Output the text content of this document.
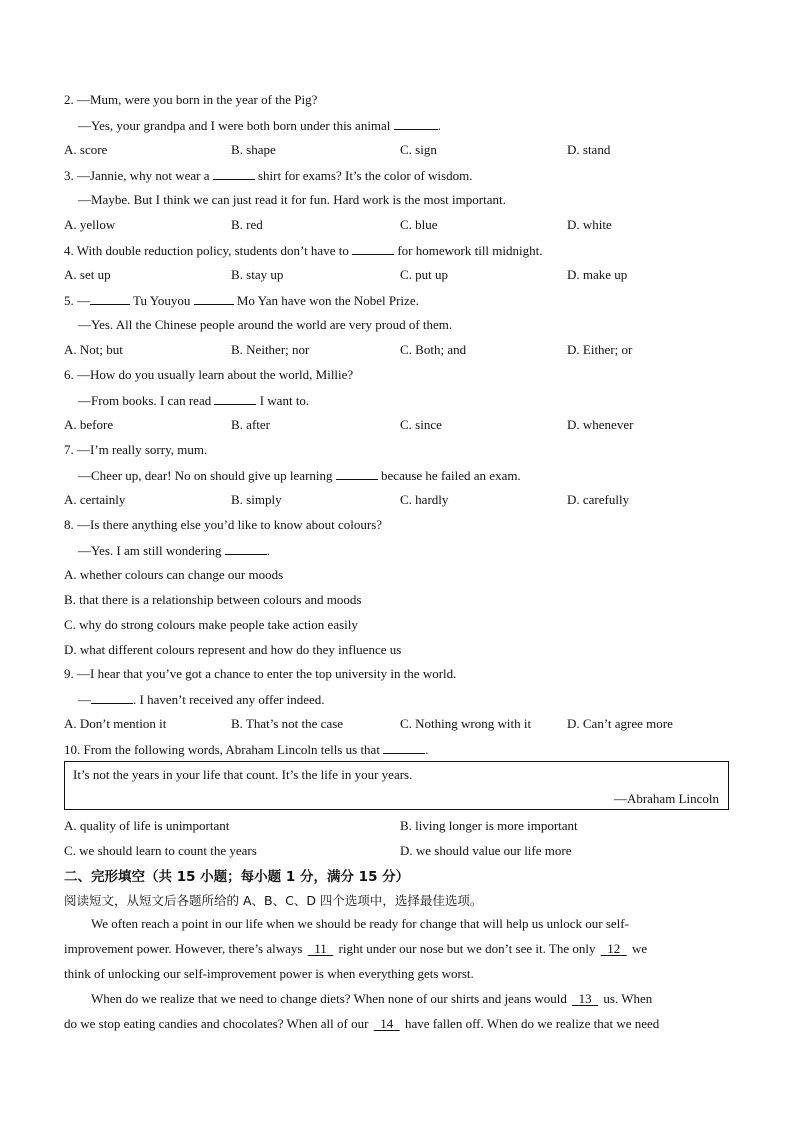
2. —Mum, were you born in the year of the Pig?
—Yes, your grandpa and I were both born under this animal	.
A. score	B. shape	C. sign	D. stand
3. —Jannie, why not wear a	shirt for exams? It’s the color of wisdom.
—Maybe. But I think we can just read it for fun. Hard work is the most important.
A. yellow	B. red	C. blue	D. white
4. With double reduction policy, students don’t have to	for homework till midnight.
A. set up	B. stay up	C. put up	D. make up
5. —	Tu Youyou	Mo Yan have won the Nobel Prize.
—Yes. All the Chinese people around the world are very proud of them.
A. Not; but	B. Neither; nor	C. Both; and	D. Either; or
6. —How do you usually learn about the world, Millie?
—From books. I can read	I want to.
A. before	B. after	C. since	D. whenever
7. —I’m really sorry, mum.
—Cheer up, dear! No on should give up learning	because he failed an exam.
A. certainly	B. simply	C. hardly	D. carefully
8. —Is there anything else you’d like to know about colours?
—Yes. I am still wondering	.
A. whether colours can change our moods
B. that there is a relationship between colours and moods
C. why do strong colours make people take action easily
D. what different colours represent and how do they influence us
9. —I hear that you’ve got a chance to enter the top university in the world.
—	. I haven’t received any offer indeed.
A. Don’t mention it	B. That’s not the case	C. Nothing wrong with it	D. Can’t agree more
10. From the following words, Abraham Lincoln tells us that	.
It’s not the years in your life that count. It’s the life in your years.
—Abraham Lincoln
A. quality of life is unimportant	B. living longer is more important
C. we should learn to count the years	D. we should value our life more
二、完形填空（共 15 小题；每小题 1 分，满分 15 分）
阅读短文，从短文后各题所给的 A、B、C、D 四个选项中，选择最佳选项。
We often reach a point in our life when we should be ready for change that will help us unlock our self-
improvement power. However, there’s always   11   right under our nose but we don’t see it. The only   12   we
think of unlocking our self-improvement power is when everything gets worst.
When do we realize that we need to change diets? When none of our shirts and jeans would   13   us. When
do we stop eating candies and chocolates? When all of our   14   have fallen off. When do we realize that we need
